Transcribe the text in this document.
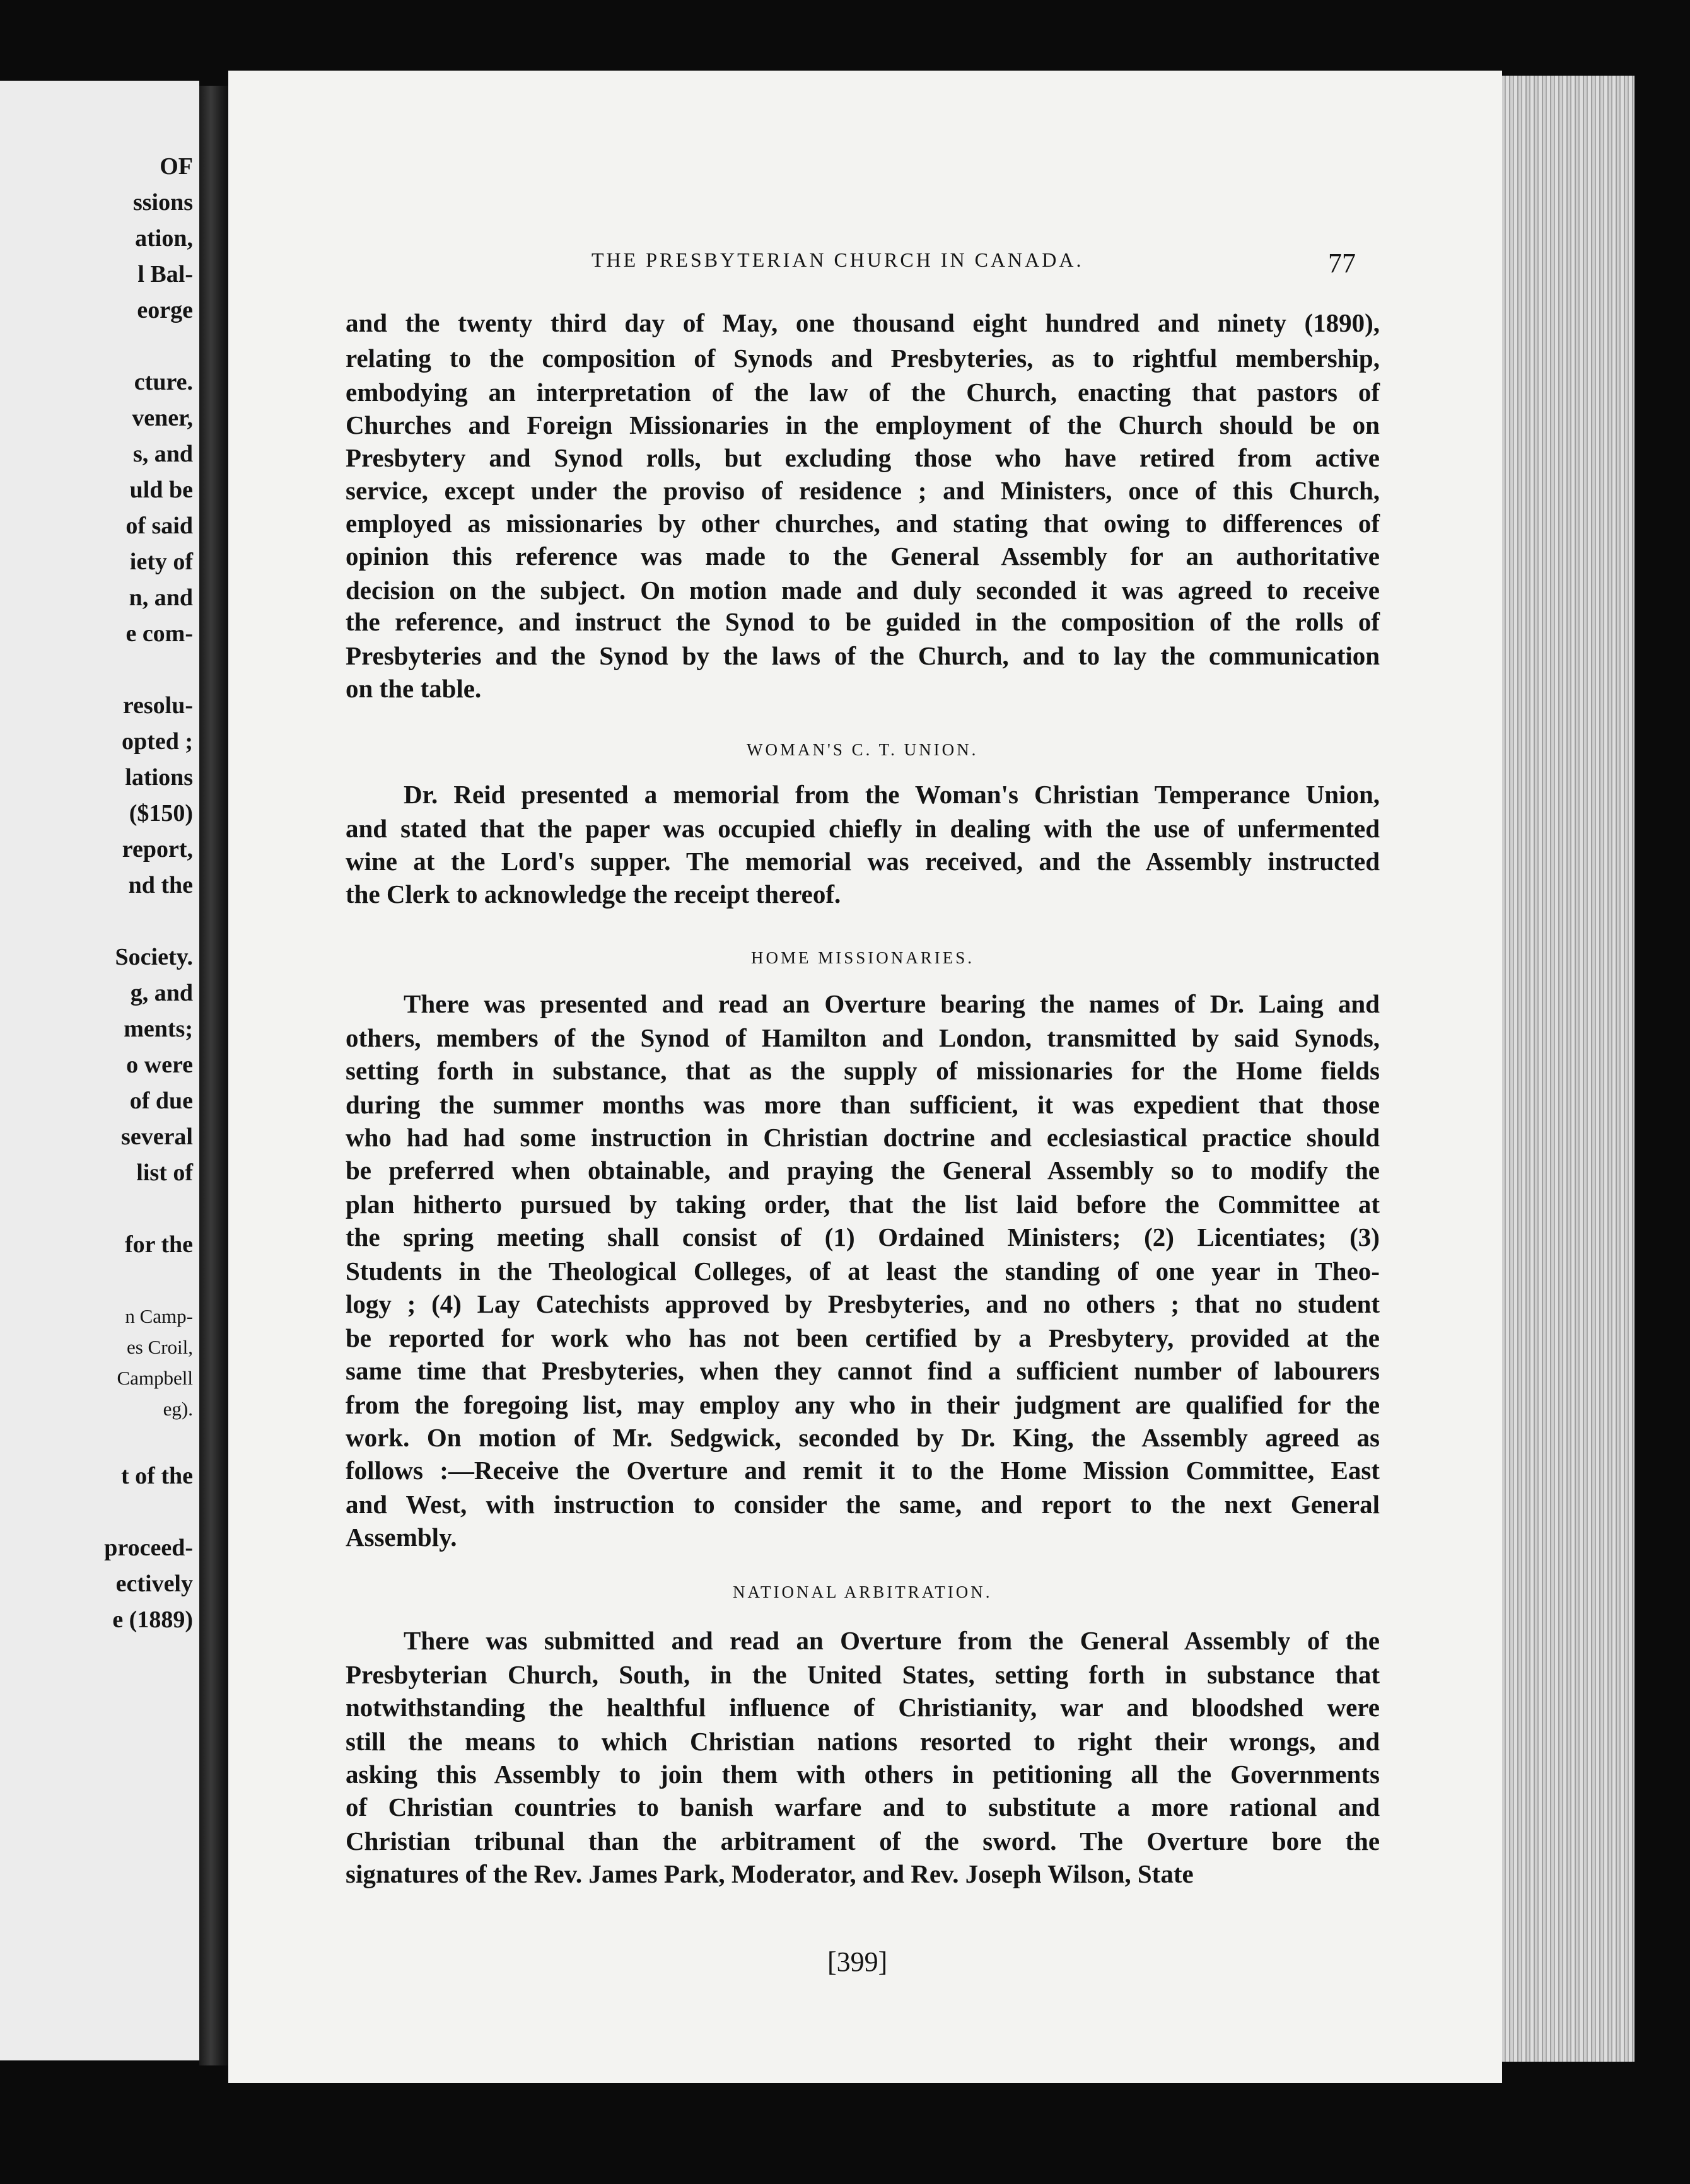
OF
ssions
ation,
l Bal-
eorge
cture.
vener,
s, and
uld be
of said
iety of
n, and
e com-
resolu-
opted ;
lations
($150)
report,
nd the
Society.
g, and
ments;
o were
of due
several
list of
for the
n Camp-
es Croil,
Campbell
eg).
t of the
proceed-
ectively
e (1889)
THE PRESBYTERIAN CHURCH IN CANADA.	77
and the twenty third day of May, one thousand eight hundred and ninety (1890),
relating to the composition of Synods and Presbyteries, as to rightful membership,
embodying an interpretation of the law of the Church, enacting that pastors of
Churches and Foreign Missionaries in the employment of the Church should be on
Presbytery and Synod rolls, but excluding those who have retired from active
service, except under the proviso of residence ; and Ministers, once of this Church,
employed as missionaries by other churches, and stating that owing to differences of
opinion this reference was made to the General Assembly for an authoritative
decision on the subject. On motion made and duly seconded it was agreed to receive
the reference, and instruct the Synod to be guided in the composition of the rolls of
Presbyteries and the Synod by the laws of the Church, and to lay the communication
on the table.
WOMAN'S C. T. UNION.
Dr. Reid presented a memorial from the Woman's Christian Temperance Union,
and stated that the paper was occupied chiefly in dealing with the use of unfermented
wine at the Lord's supper. The memorial was received, and the Assembly instructed
the Clerk to acknowledge the receipt thereof.
HOME MISSIONARIES.
There was presented and read an Overture bearing the names of Dr. Laing and
others, members of the Synod of Hamilton and London, transmitted by said Synods,
setting forth in substance, that as the supply of missionaries for the Home fields
during the summer months was more than sufficient, it was expedient that those
who had had some instruction in Christian doctrine and ecclesiastical practice should
be preferred when obtainable, and praying the General Assembly so to modify the
plan hitherto pursued by taking order, that the list laid before the Committee at
the spring meeting shall consist of (1) Ordained Ministers; (2) Licentiates; (3)
Students in the Theological Colleges, of at least the standing of one year in Theo-
logy ; (4) Lay Catechists approved by Presbyteries, and no others ; that no student
be reported for work who has not been certified by a Presbytery, provided at the
same time that Presbyteries, when they cannot find a sufficient number of labourers
from the foregoing list, may employ any who in their judgment are qualified for the
work. On motion of Mr. Sedgwick, seconded by Dr. King, the Assembly agreed as
follows :—Receive the Overture and remit it to the Home Mission Committee, East
and West, with instruction to consider the same, and report to the next General
Assembly.
NATIONAL ARBITRATION.
There was submitted and read an Overture from the General Assembly of the
Presbyterian Church, South, in the United States, setting forth in substance that
notwithstanding the healthful influence of Christianity, war and bloodshed were
still the means to which Christian nations resorted to right their wrongs, and
asking this Assembly to join them with others in petitioning all the Governments
of Christian countries to banish warfare and to substitute a more rational and
Christian tribunal than the arbitrament of the sword. The Overture bore the
signatures of the Rev. James Park, Moderator, and Rev. Joseph Wilson, State
[399]
